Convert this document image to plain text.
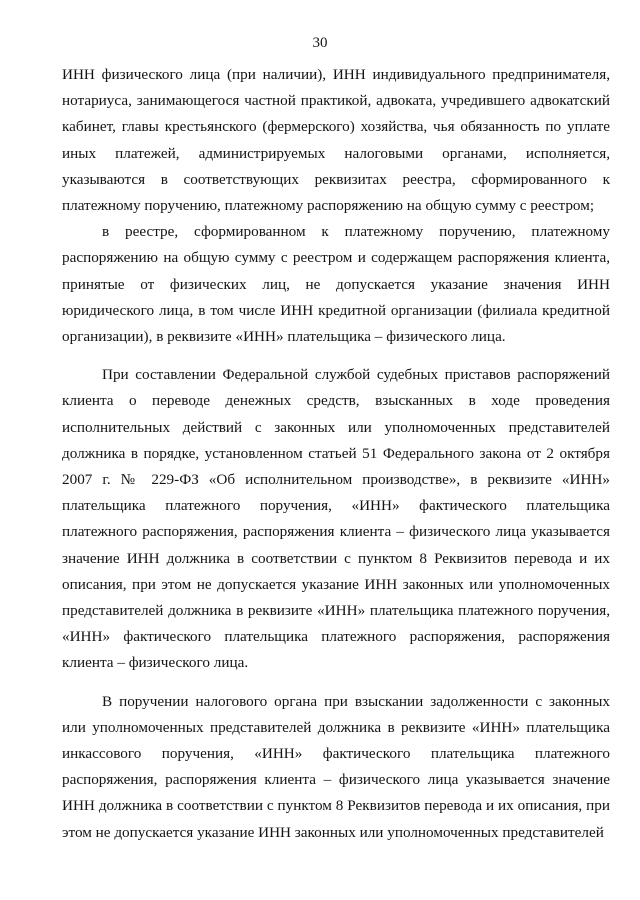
30

ИНН физического лица (при наличии), ИНН индивидуального предпринимателя, нотариуса, занимающегося частной практикой, адвоката, учредившего адвокатский кабинет, главы крестьянского (фермерского) хозяйства, чья обязанность по уплате иных платежей, администрируемых налоговыми органами, исполняется, указываются в соответствующих реквизитах реестра, сформированного к платежному поручению, платежному распоряжению на общую сумму с реестром;

в реестре, сформированном к платежному поручению, платежному распоряжению на общую сумму с реестром и содержащем распоряжения клиента, принятые от физических лиц, не допускается указание значения ИНН юридического лица, в том числе ИНН кредитной организации (филиала кредитной организации), в реквизите «ИНН» плательщика – физического лица.

При составлении Федеральной службой судебных приставов распоряжений клиента о переводе денежных средств, взысканных в ходе проведения исполнительных действий с законных или уполномоченных представителей должника в порядке, установленном статьей 51 Федерального закона от 2 октября 2007 г. № 229-ФЗ «Об исполнительном производстве», в реквизите «ИНН» плательщика платежного поручения, «ИНН» фактического плательщика платежного распоряжения, распоряжения клиента – физического лица указывается значение ИНН должника в соответствии с пунктом 8 Реквизитов перевода и их описания, при этом не допускается указание ИНН законных или уполномоченных представителей должника в реквизите «ИНН» плательщика платежного поручения, «ИНН» фактического плательщика платежного распоряжения, распоряжения клиента – физического лица.

В поручении налогового органа при взыскании задолженности с законных или уполномоченных представителей должника в реквизите «ИНН» плательщика инкассового поручения, «ИНН» фактического плательщика платежного распоряжения, распоряжения клиента – физического лица указывается значение ИНН должника в соответствии с пунктом 8 Реквизитов перевода и их описания, при этом не допускается указание ИНН законных или уполномоченных представителей
